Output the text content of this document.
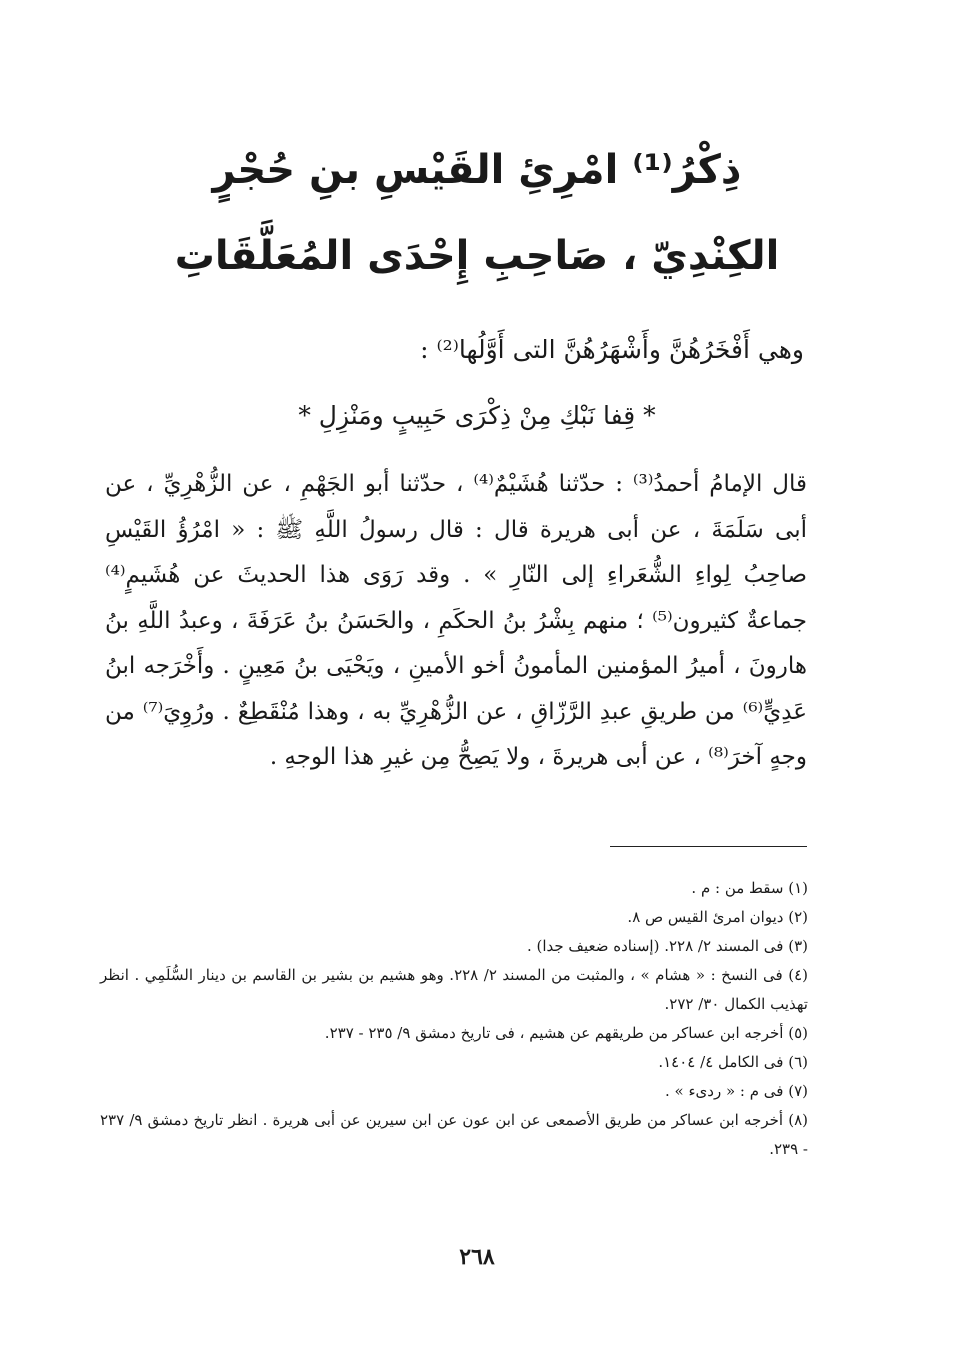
ذِكْرُ⁽¹⁾ امْرِئِ القَيْسِ بنِ حُجْرٍ
الكِنْدِيّ ، صَاحِبِ إِحْدَى المُعَلَّقَاتِ
وهي أَفْخَرُهُنَّ وأَشْهَرُهُنَّ التى أَوَّلُها⁽²⁾ :
* قِفا نَبْكِ مِنْ ذِكْرَى حَبِيبٍ ومَنْزِلِ *
قال الإمامُ أحمدُ⁽³⁾ : حدّثنا هُشَيْمٌ⁽⁴⁾ ، حدّثنا أبو الجَهْمِ ، عن الزُّهْرِيِّ ، عن أبى سَلَمَةَ ، عن أبى هريرة قال : قال رسولُ اللَّهِ ﷺ : « امْرُؤُ القَيْسِ صاحِبُ لِواءِ الشُّعَراءِ إلى النّارِ » . وقد رَوَى هذا الحديثَ عن هُشَيمٍ⁽⁴⁾ جماعةٌ كثيرون⁽⁵⁾ ؛ منهم بِشْرُ بنُ الحكَمِ ، والحَسَنُ بنُ عَرَفَةَ ، وعبدُ اللَّهِ بنُ هارونَ ، أميرُ المؤمنين المأمونُ أخو الأمينِ ، ويَحْيَى بنُ مَعِينٍ . وأَخْرَجه ابنُ عَدِيٍّ⁽⁶⁾ من طريقِ عبدِ الرَّزّاقِ ، عن الزُّهْرِيِّ به ، وهذا مُنْقَطِعٌ . ورُوِيَ⁽⁷⁾ من وجهٍ آخرَ⁽⁸⁾ ، عن أبى هريرةَ ، ولا يَصِحُّ مِن غيرِ هذا الوجهِ .
(١) سقط من : م .
(٢) ديوان امرئ القيس ص ٨.
(٣) فى المسند ٢/ ٢٢٨. (إسناده ضعيف جدا) .
(٤) فى النسخ : « هشام » ، والمثبت من المسند ٢/ ٢٢٨. وهو هشيم بن بشير بن القاسم بن دينار السُّلَمِي . انظر تهذيب الكمال ٣٠/ ٢٧٢.
(٥) أخرجه ابن عساكر من طريقهم عن هشيم ، فى تاريخ دمشق ٩/ ٢٣٥ - ٢٣٧.
(٦) فى الكامل ٤/ ١٤٠٤.
(٧) فى م : « ردىء » .
(٨) أخرجه ابن عساكر من طريق الأصمعى عن ابن عون عن ابن سيرين عن أبى هريرة . انظر تاريخ دمشق ٩/ ٢٣٧ - ٢٣٩.
٢٦٨
